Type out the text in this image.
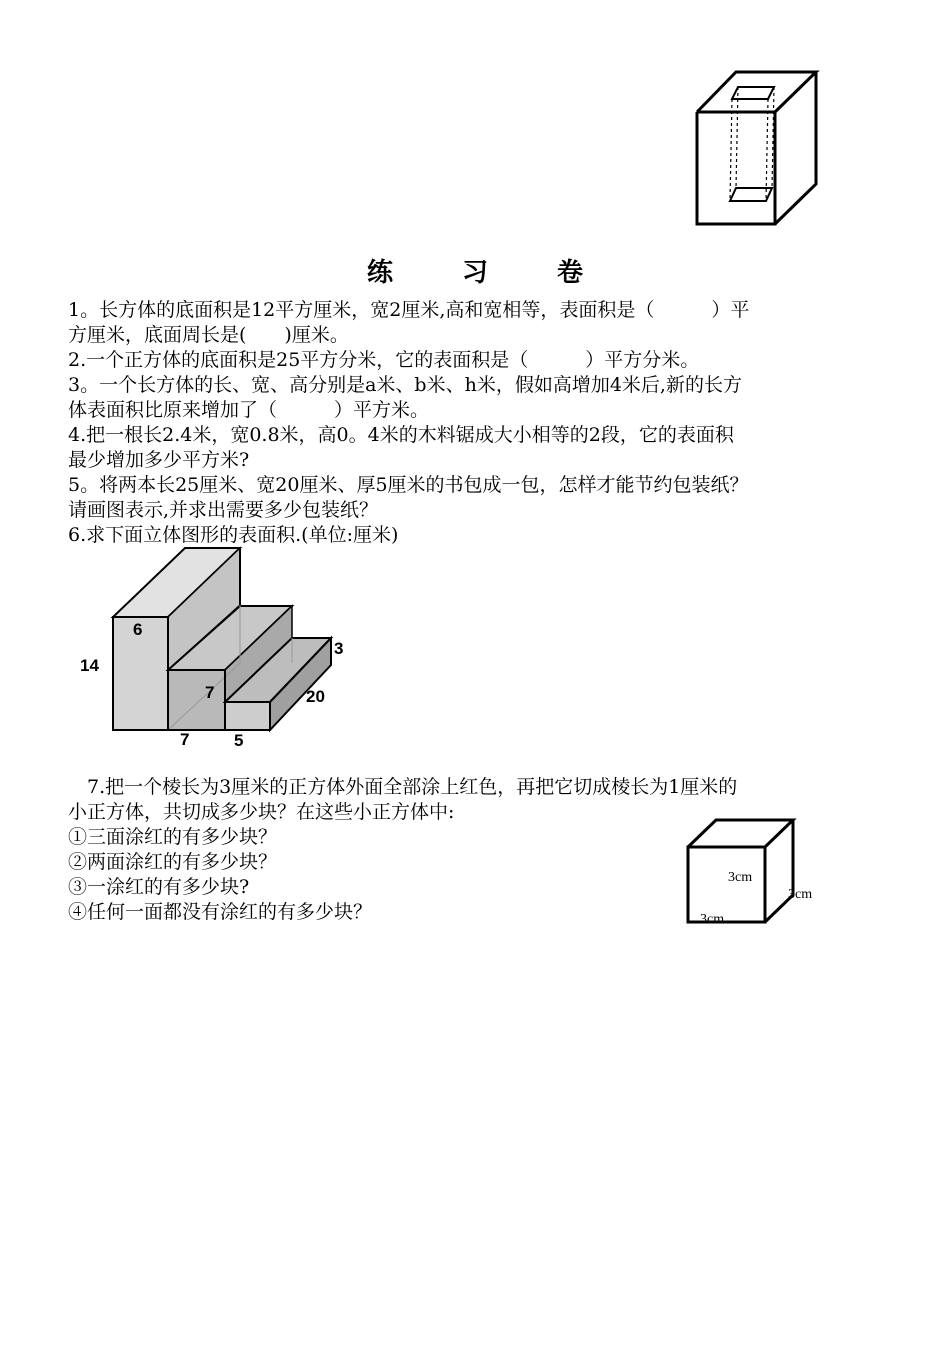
练 习 卷

1。长方体的底面积是12平方厘米，宽2厘米,高和宽相等，表面积是（　　　）平

方厘米，底面周长是(　　)厘米。

2.一个正方体的底面积是25平方分米，它的表面积是（　　　）平方分米。

3。一个长方体的长、宽、高分别是a米、b米、h米，假如高增加4米后,新的长方

体表面积比原来增加了（　　　）平方米。

4.把一根长2.4米，宽0.8米，高0。4米的木料锯成大小相等的2段，它的表面积

最少增加多少平方米?

5。将两本长25厘米、宽20厘米、厚5厘米的书包成一包，怎样才能节约包装纸？

请画图表示,并求出需要多少包装纸？

6.求下面立体图形的表面积.(单位:厘米)

6
14
7
3
20
7	5

　7.把一个棱长为3厘米的正方体外面全部涂上红色，再把它切成棱长为1厘米的

小正方体，共切成多少块？在这些小正方体中:

①三面涂红的有多少块？

②两面涂红的有多少块？

③一涂红的有多少块?

④任何一面都没有涂红的有多少块？

3cm
3cm
3cm
